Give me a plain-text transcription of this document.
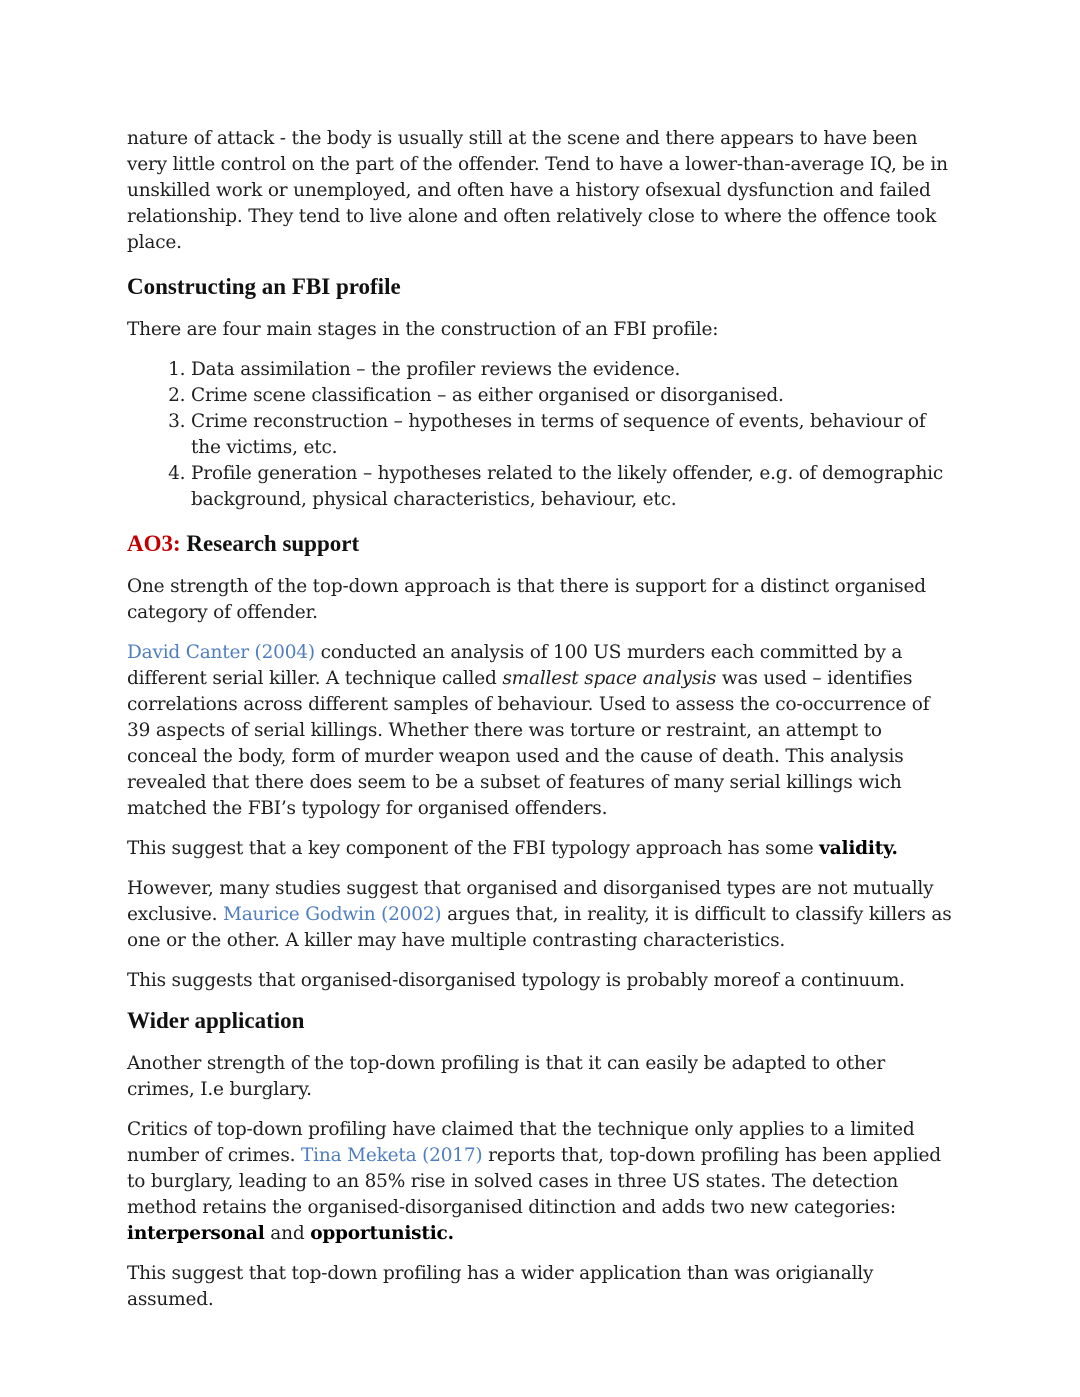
nature of attack - the body is usually still at the scene and there appears to have been very little control on the part of the offender. Tend to have a lower-than-average IQ, be in unskilled work or unemployed, and often have a history ofsexual dysfunction and failed relationship. They tend to live alone and often relatively close to where the offence took place.

Constructing an FBI profile

There are four main stages in the construction of an FBI profile:

1. Data assimilation – the profiler reviews the evidence.
2. Crime scene classification – as either organised or disorganised.
3. Crime reconstruction – hypotheses in terms of sequence of events, behaviour of the victims, etc.
4. Profile generation – hypotheses related to the likely offender, e.g. of demographic background, physical characteristics, behaviour, etc.
AO3: Research support

One strength of the top-down approach is that there is support for a distinct organised category of offender.

David Canter (2004) conducted an analysis of 100 US murders each committed by a different serial killer. A technique called smallest space analysis was used – identifies correlations across different samples of behaviour. Used to assess the co-occurrence of 39 aspects of serial killings. Whether there was torture or restraint, an attempt to conceal the body, form of murder weapon used and the cause of death. This analysis revealed that there does seem to be a subset of features of many serial killings wich matched the FBI’s typology for organised offenders.

This suggest that a key component of the FBI typology approach has some validity.

However, many studies suggest that organised and disorganised types are not mutually exclusive. Maurice Godwin (2002) argues that, in reality, it is difficult to classify killers as one or the other. A killer may have multiple contrasting characteristics.

This suggests that organised-disorganised typology is probably moreof a continuum.

Wider application

Another strength of the top-down profiling is that it can easily be adapted to other crimes, I.e burglary.

Critics of top-down profiling have claimed that the technique only applies to a limited number of crimes. Tina Meketa (2017) reports that, top-down profiling has been applied to burglary, leading to an 85% rise in solved cases in three US states. The detection method retains the organised-disorganised ditinction and adds two new categories: interpersonal and opportunistic.

This suggest that top-down profiling has a wider application than was origianally assumed.
